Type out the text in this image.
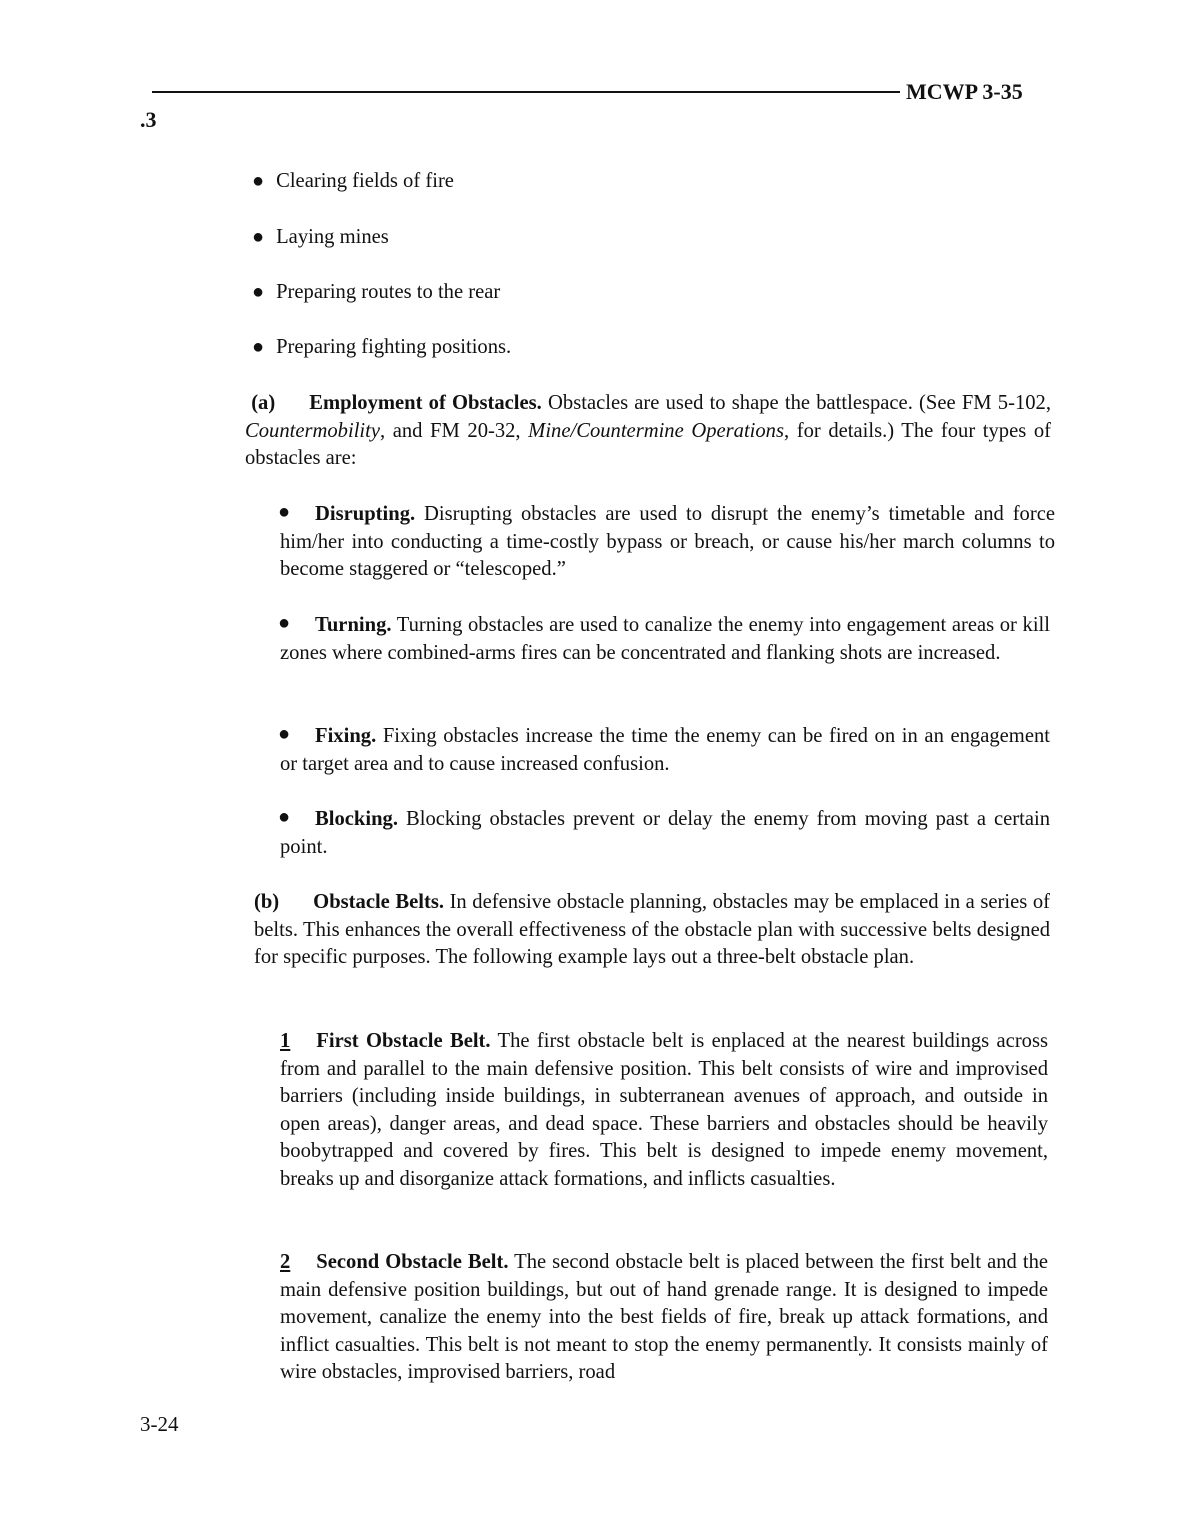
MCWP 3-35
.3
● Clearing fields of fire
● Laying mines
● Preparing routes to the rear
● Preparing fighting positions.
(a) Employment of Obstacles. Obstacles are used to shape the battlespace. (See FM 5-102, Countermobility, and FM 20-32, Mine/Countermine Operations, for details.) The four types of obstacles are:
● Disrupting. Disrupting obstacles are used to disrupt the enemy’s timetable and force him/her into conducting a time-costly bypass or breach, or cause his/her march columns to become staggered or “telescoped.”
● Turning. Turning obstacles are used to canalize the enemy into engagement areas or kill zones where combined-arms fires can be concentrated and flanking shots are increased.
● Fixing. Fixing obstacles increase the time the enemy can be fired on in an engagement or target area and to cause increased confusion.
● Blocking. Blocking obstacles prevent or delay the enemy from moving past a certain point.
(b) Obstacle Belts. In defensive obstacle planning, obstacles may be emplaced in a series of belts. This enhances the overall effectiveness of the obstacle plan with successive belts designed for specific purposes. The following example lays out a three-belt obstacle plan.
1 First Obstacle Belt. The first obstacle belt is enplaced at the nearest buildings across from and parallel to the main defensive position. This belt consists of wire and improvised barriers (including inside buildings, in subterranean avenues of approach, and outside in open areas), danger areas, and dead space. These barriers and obstacles should be heavily boobytrapped and covered by fires. This belt is designed to impede enemy movement, breaks up and disorganize attack formations, and inflicts casualties.
2 Second Obstacle Belt. The second obstacle belt is placed between the first belt and the main defensive position buildings, but out of hand grenade range. It is designed to impede movement, canalize the enemy into the best fields of fire, break up attack formations, and inflict casualties. This belt is not meant to stop the enemy permanently. It consists mainly of wire obstacles, improvised barriers, road
3-24
